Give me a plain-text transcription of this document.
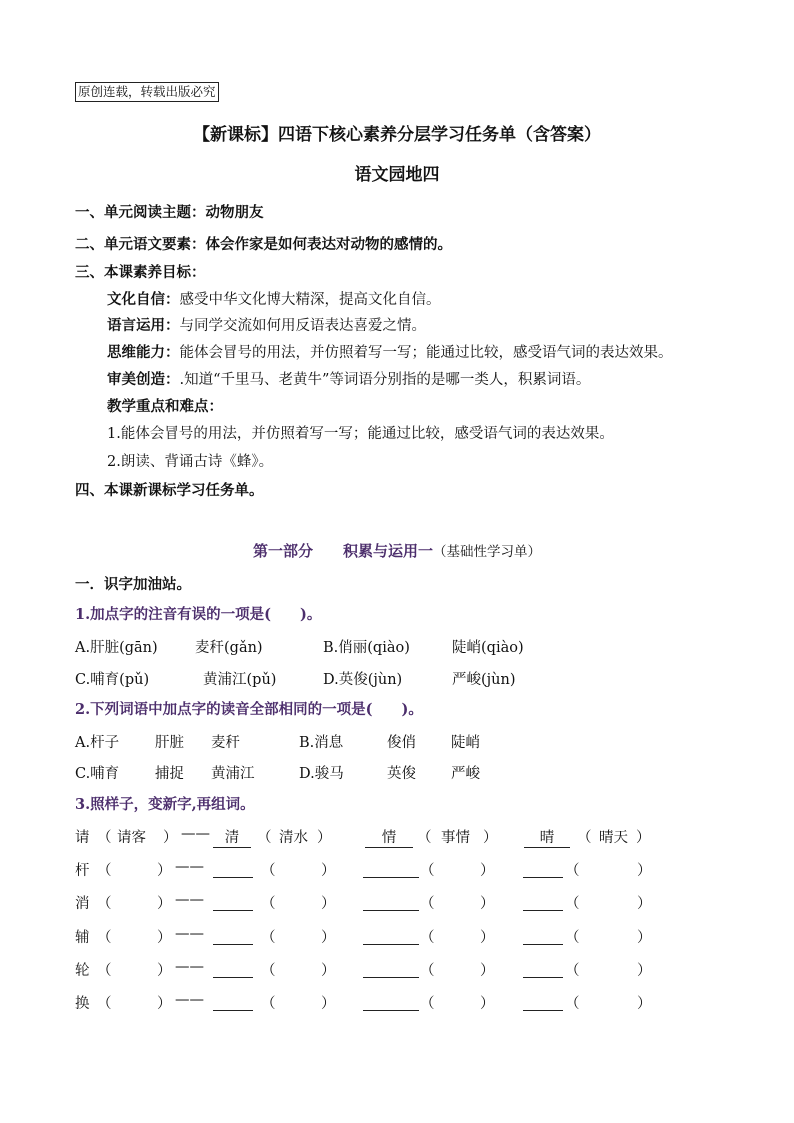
原创连载，转载出版必究
【新课标】四语下核心素养分层学习任务单（含答案）
语文园地四
一、单元阅读主题：动物朋友
二、单元语文要素：体会作家是如何表达对动物的感情的。
三、本课素养目标：
文化自信：感受中华文化博大精深，提高文化自信。
语言运用：与同学交流如何用反语表达喜爱之情。
思维能力：能体会冒号的用法，并仿照着写一写；能通过比较，感受语气词的表达效果。
审美创造：.知道“千里马、老黄牛”等词语分别指的是哪一类人，积累词语。
教学重点和难点：
1.能体会冒号的用法，并仿照着写一写；能通过比较，感受语气词的表达效果。
2.朗读、背诵古诗《蜂》。
四、本课新课标学习任务单。
第一部分　　积累与运用一（基础性学习单）
一．识字加油站。
1.加点字的注音有误的一项是(　　)。
A.肝脏(gān)	麦秆(gǎn)	B.俏丽(qiào)	陡峭(qiào)
C.哺育(pǔ)	黄浦江(pǔ)	D.英俊(jùn)	严峻(jùn)
2.下列词语中加点字的读音全部相同的一项是(　　)。
A.杆子 肝脏 麦秆	B.消息	俊俏 陡峭
C.哺育 捕捉 黄浦江	D.骏马	英俊 严峻
3.照样子，变新字,再组词。
请 （ 请客 ） ——	清	（ 清水 ）	情	（ 事情 ）	晴	（ 晴天 ）
杆 （	） ——	（	）	（	）	（	）
消 （	） ——	（	）	（	）	（	）
辅 （	） ——	（	）	（	）	（	）
轮 （	） ——	（	）	（	）	（	）
换 （	） ——	（	）	（	）	（	）
